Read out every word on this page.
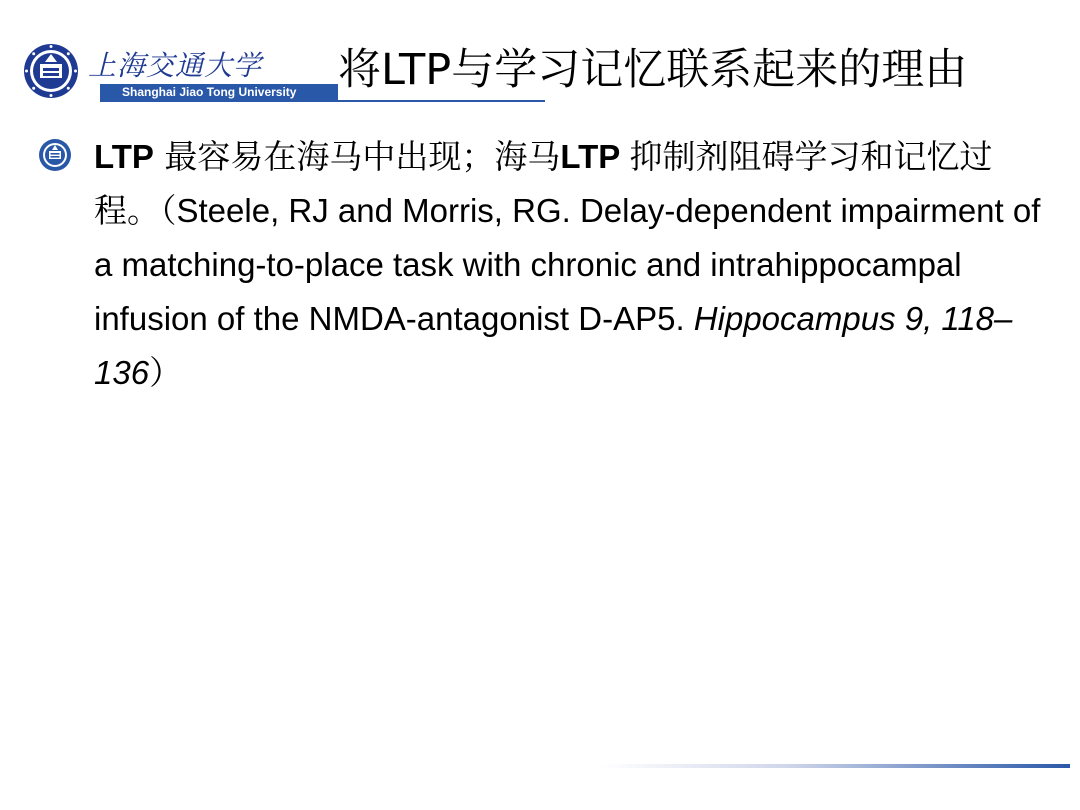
上海交通大学
Shanghai Jiao Tong University 将LTP与学习记忆联系起来的理由
LTP 最容易在海马中出现；海马LTP 抑制剂阻碍学习和记忆过程。（Steele, RJ and Morris, RG. Delay-dependent impairment of a matching-to-place task with chronic and intrahippocampal infusion of the NMDA-antagonist D-AP5. Hippocampus 9, 118–136）
